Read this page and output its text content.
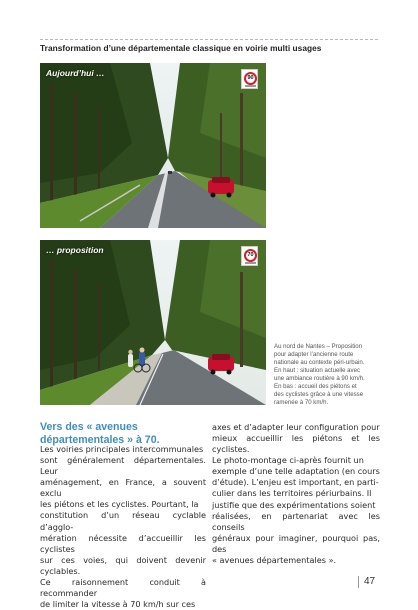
Transformation d’une départementale classique en voirie multi usages
Aujourd’hui …	90
… proposition	70
Au nord de Nantes – Proposition
pour adapter l’ancienne route
nationale au contexte péri-urbain.
En haut : situation actuelle avec
une ambiance routière à 90 km/h.
En bas : accueil des piétons et
des cyclistes grâce à une vitesse
ramenée à 70 km/h.
Vers des « avenues départementales » à 70.
Les voiries principales intercommunales
sont généralement départementales. Leur
aménagement, en France, a souvent exclu
les piétons et les cyclistes. Pourtant, la
constitution d’un réseau cyclable d’agglo-
mération nécessite d’accueillir les cyclistes
sur ces voies, qui doivent devenir cyclables.
Ce raisonnement conduit à recommander
de limiter la vitesse à 70 km/h sur ces
axes et d’adapter leur configuration pour
mieux accueillir les piétons et les cyclistes.
Le photo-montage ci-après fournit un
exemple d’une telle adaptation (en cours
d’étude). L’enjeu est important, en parti-
culier dans les territoires périurbains. Il
justifie que des expérimentations soient
réalisées, en partenariat avec les conseils
généraux pour imaginer, pourquoi pas, des
« avenues départementales ».
47
